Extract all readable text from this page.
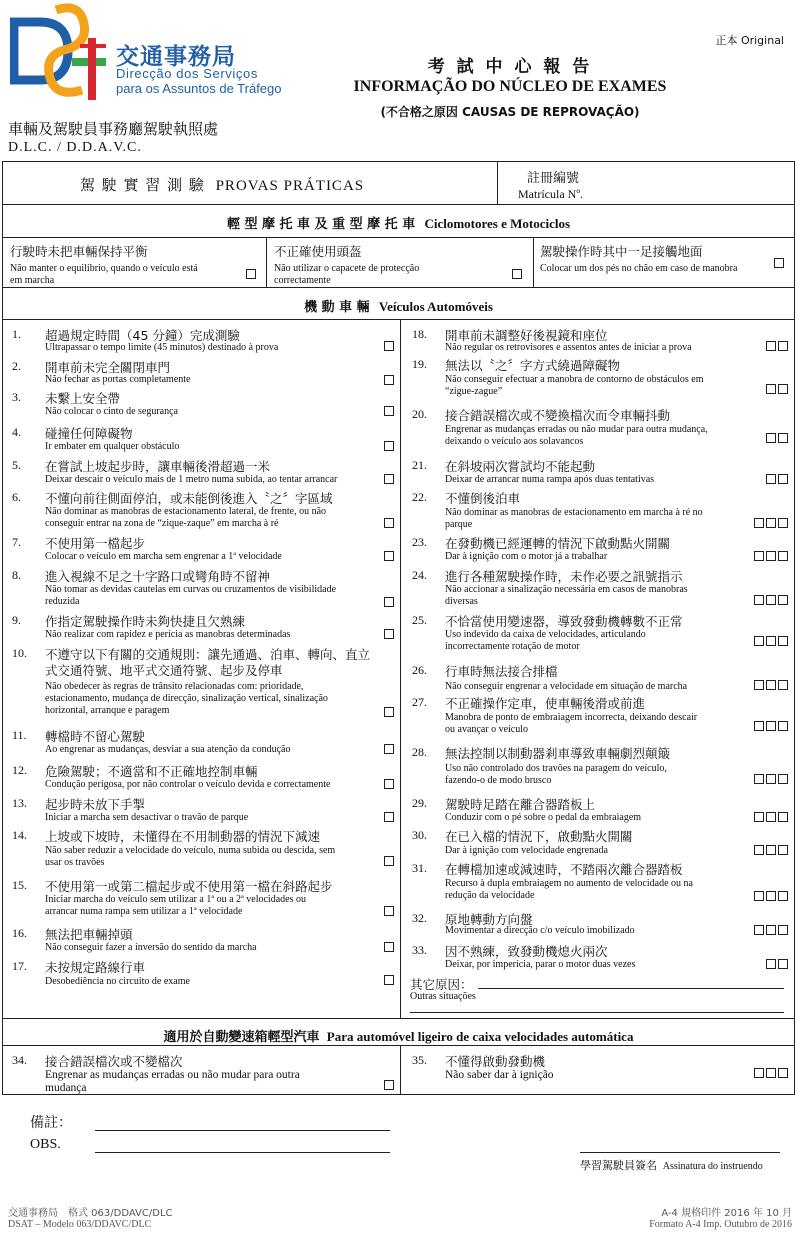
交通事務局
Direcção dos Serviços
para os Assuntos de Tráfego
車輛及駕駛員事務廳駕駛執照處
D.L.C. / D.D.A.V.C.
正本 Original
考 試 中 心 報 告
INFORMAÇÃO DO NÚCLEO DE EXAMES
(不合格之原因 CAUSAS DE REPROVAÇÃO)
駕 駛 實 習 測 驗 PROVAS PRÁTICAS	註冊編號
Matrícula Nº.
輕 型 摩 托 車 及 重 型 摩 托 車 Ciclomotores e Motociclos
行駛時未把車輛保持平衡
Não manter o equilíbrio, quando o veículo está
em marcha
不正確使用頭盔
Não utilizar o capacete de protecção
correctamente
駕駛操作時其中一足接觸地面
Colocar um dos pés no chão em caso de manobra
機 動 車 輛 Veículos Automóveis
1. 超過規定時間（45 分鐘）完成測驗
Ultrapassar o tempo limite (45 minutos) destinado à prova
2. 開車前未完全關閉車門
Não fechar as portas completamente
3. 未繫上安全帶
Não colocar o cinto de segurança
4. 碰撞任何障礙物
Ir embater em qualquer obstáculo
5. 在嘗試上坡起步時，讓車輛後滑超過一米
Deixar descair o veículo mais de 1 metro numa subida, ao tentar arrancar
6. 不懂向前往側面停泊，或未能倒後進入〝之〞字區域
Não dominar as manobras de estacionamento lateral, de frente, ou não
conseguir entrar na zona de “zique-zaque” em marcha à ré
7. 不使用第一檔起步
Colocar o veículo em marcha sem engrenar a 1ª velocidade
8. 進入視線不足之十字路口或彎角時不留神
Não tomar as devidas cautelas em curvas ou cruzamentos de visibilidade
reduzida
9. 作指定駕駛操作時未夠快捷且欠熟練
Não realizar com rapidez e perícia as manobras determinadas
10. 不遵守以下有關的交通規則：讓先通過、泊車、轉向、直立
式交通符號、地平式交通符號、起步及停車
Não obedecer às regras de trânsito relacionadas com: prioridade,
estacionamento, mudança de direcção, sinalização vertical, sinalização
horizontal, arranque e paragem
11. 轉檔時不留心駕駛
Ao engrenar as mudanças, desviar a sua atenção da condução
12. 危險駕駛；不適當和不正確地控制車輛
Condução perigosa, por não controlar o veículo devida e correctamente
13. 起步時未放下手掣
Iniciar a marcha sem desactivar o travão de parque
14. 上坡或下坡時，未懂得在不用制動器的情況下減速
Não saber reduzir a velocidade do veículo, numa subida ou descida, sem
usar os travões
15. 不使用第一或第二檔起步或不使用第一檔在斜路起步
Iniciar marcha do veículo sem utilizar a 1ª ou a 2ª velocidades ou
arrancar numa rampa sem utilizar a 1ª velocidade
16. 無法把車輛掉頭
Não conseguir fazer a inversão do sentido da marcha
17. 未按規定路線行車
Desobediência no circuito de exame
18. 開車前未調整好後視鏡和座位
Não regular os retrovisores e assentos antes de iniciar a prova
19. 無法以〝之〞字方式繞過障礙物
Não conseguir efectuar a manobra de contorno de obstáculos em
“zigue-zague”
20. 接合錯誤檔次或不變換檔次而令車輛抖動
Engrenar as mudanças erradas ou não mudar para outra mudança,
deixando o veículo aos solavancos
21. 在斜坡兩次嘗試均不能起動
Deixar de arrancar numa rampa após duas tentativas
22. 不懂倒後泊車
Não dominar as manobras de estacionamento em marcha à ré no
parque
23. 在發動機已經運轉的情況下啟動點火開關
Dar à ignição com o motor já a trabalhar
24. 進行各種駕駛操作時，未作必要之訊號指示
Não accionar a sinalização necessária em casos de manobras
diversas
25. 不恰當使用變速器，導致發動機轉數不正常
Uso indevido da caixa de velocidades, articulando
incorrectamente rotação de motor
26. 行車時無法接合排檔
Não conseguir engrenar a velocidade em situação de marcha
27. 不正確操作定車，使車輛後滑或前進
Manobra de ponto de embraiagem incorrecta, deixando descair
ou avançar o veículo
28. 無法控制以制動器剎車導致車輛劇烈顛簸
Uso não controlado dos travões na paragem do veículo,
fazendo-o de modo brusco
29. 駕駛時足踏在離合器踏板上
Conduzir com o pé sobre o pedal da embraiagem
30. 在已入檔的情況下，啟動點火開關
Dar à ignição com velocidade engrenada
31. 在轉檔加速或減速時，不踏兩次離合器踏板
Recurso à dupla embraiagem no aumento de velocidade ou na
redução da velocidade
32. 原地轉動方向盤
Movimentar a direcção c/o veículo imobilizado
33. 因不熟練，致發動機熄火兩次
Deixar, por imperícia, parar o motor duas vezes
其它原因：
Outras situações
適用於自動變速箱輕型汽車 Para automóvel ligeiro de caixa velocidades automática
34. 接合錯誤檔次或不變檔次
Engrenar as mudanças erradas ou não mudar para outra
mudança
35. 不懂得啟動發動機
Não saber dar à ignição
備註：
OBS.
學習駕駛員簽名 Assinatura do instruendo
交通事務局　格式 063/DDAVC/DLC
DSAT – Modelo 063/DDAVC/DLC
A-4 規格印件 2016 年 10 月
Formato A-4 Imp. Outubro de 2016
